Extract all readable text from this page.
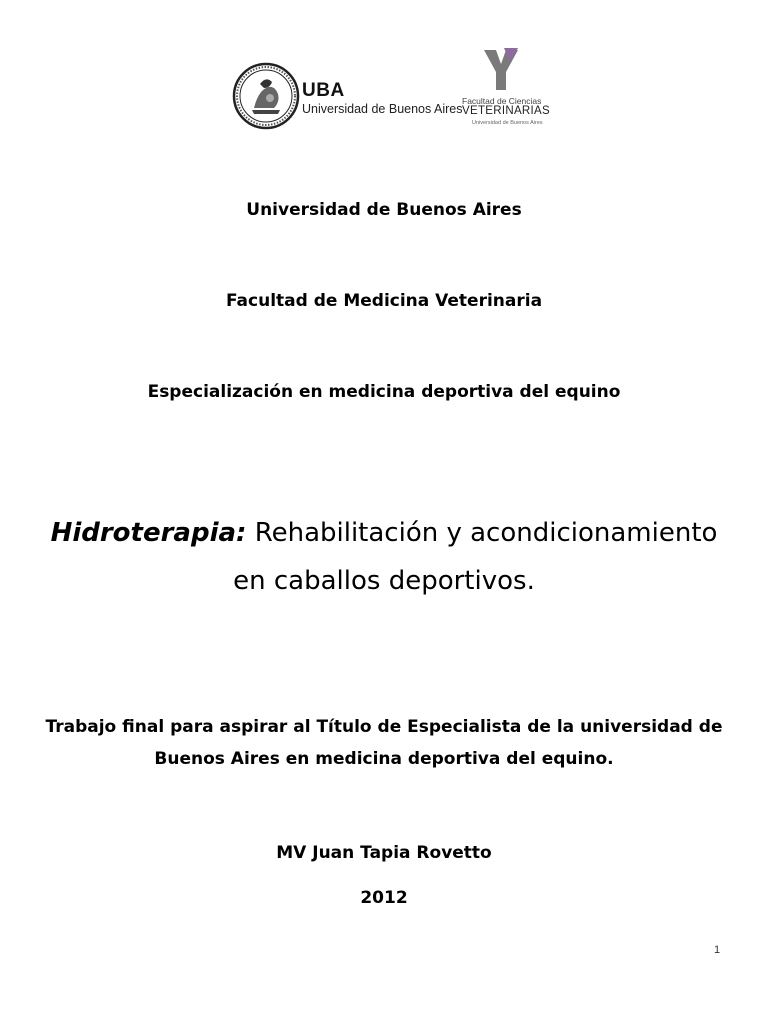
UBA
Universidad de Buenos Aires
Facultad de Ciencias
VETERINARIAS
Universidad de Buenos Aires
Universidad de Buenos Aires
Facultad de Medicina Veterinaria
Especialización en medicina deportiva del equino
Hidroterapia: Rehabilitación y acondicionamiento
en caballos deportivos.
Trabajo final para aspirar al Título de Especialista de la universidad de
Buenos Aires en medicina deportiva del equino.
MV Juan Tapia Rovetto
2012
1
